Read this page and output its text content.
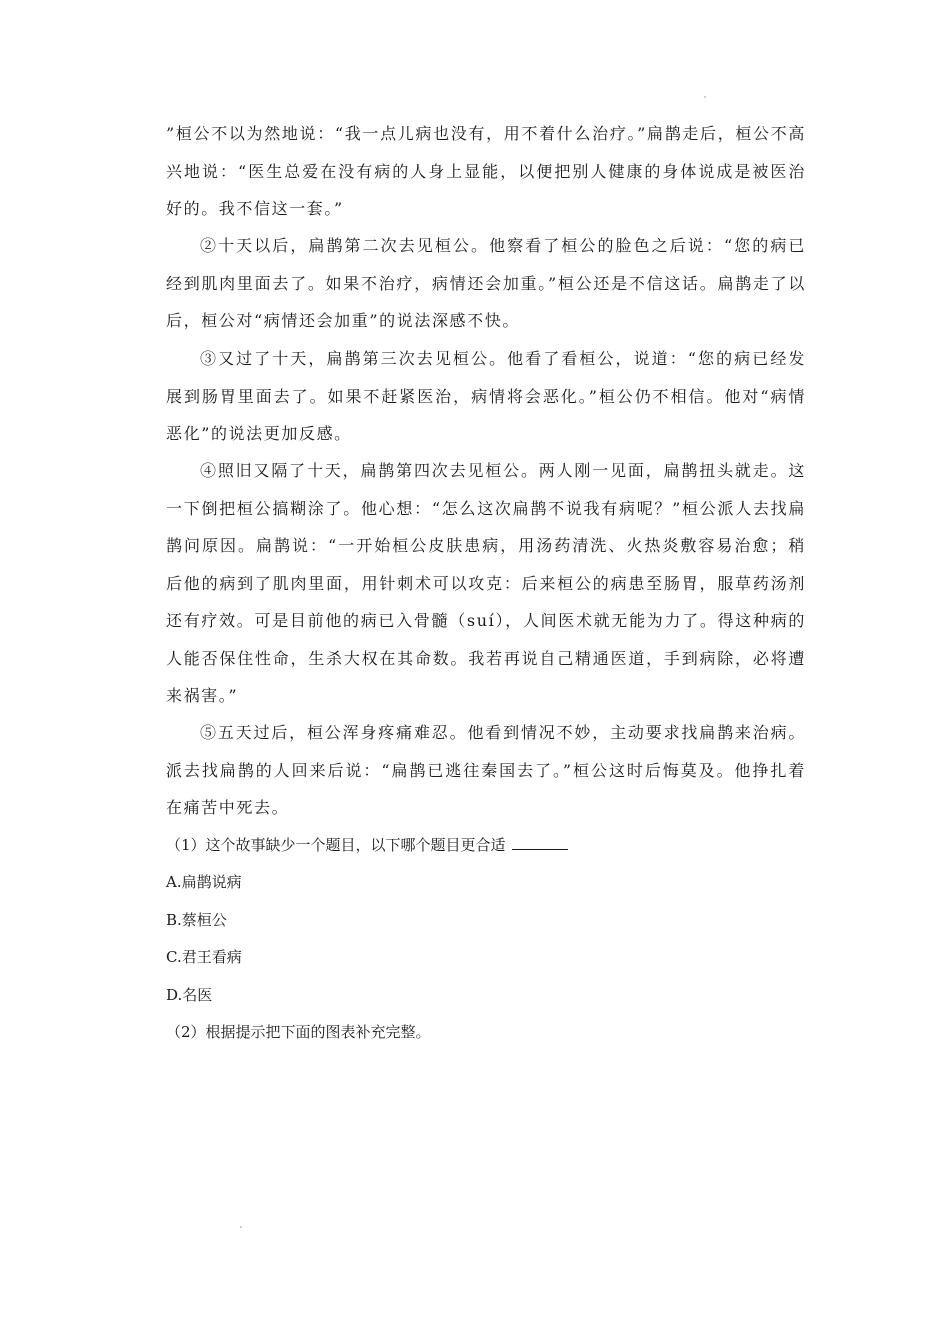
”桓公不以为然地说：“我一点儿病也没有，用不着什么治疗。”扁鹊走后，桓公不高兴地说：“医生总爱在没有病的人身上显能，以便把别人健康的身体说成是被医治好的。我不信这一套。”

②十天以后，扁鹊第二次去见桓公。他察看了桓公的脸色之后说：“您的病已经到肌肉里面去了。如果不治疗，病情还会加重。”桓公还是不信这话。扁鹊走了以后，桓公对“病情还会加重”的说法深感不快。

③又过了十天，扁鹊第三次去见桓公。他看了看桓公，说道：“您的病已经发展到肠胃里面去了。如果不赶紧医治，病情将会恶化。”桓公仍不相信。他对“病情恶化”的说法更加反感。

④照旧又隔了十天，扁鹊第四次去见桓公。两人刚一见面，扁鹊扭头就走。这一下倒把桓公搞糊涂了。他心想：“怎么这次扁鹊不说我有病呢？”桓公派人去找扁鹊问原因。扁鹊说：“一开始桓公皮肤患病，用汤药清洗、火热炎敷容易治愈；稍后他的病到了肌肉里面，用针刺术可以攻克：后来桓公的病患至肠胃，服草药汤剂还有疗效。可是目前他的病已入骨髓（suí），人间医术就无能为力了。得这种病的人能否保住性命，生杀大权在其命数。我若再说自己精通医道，手到病除，必将遭来祸害。”

⑤五天过后，桓公浑身疼痛难忍。他看到情况不妙，主动要求找扁鹊来治病。派去找扁鹊的人回来后说：“扁鹊已逃往秦国去了。”桓公这时后悔莫及。他挣扎着在痛苦中死去。

（1）这个故事缺少一个题目，以下哪个题目更合适
A.扁鹊说病
B.蔡桓公
C.君王看病
D.名医
（2）根据提示把下面的图表补充完整。
